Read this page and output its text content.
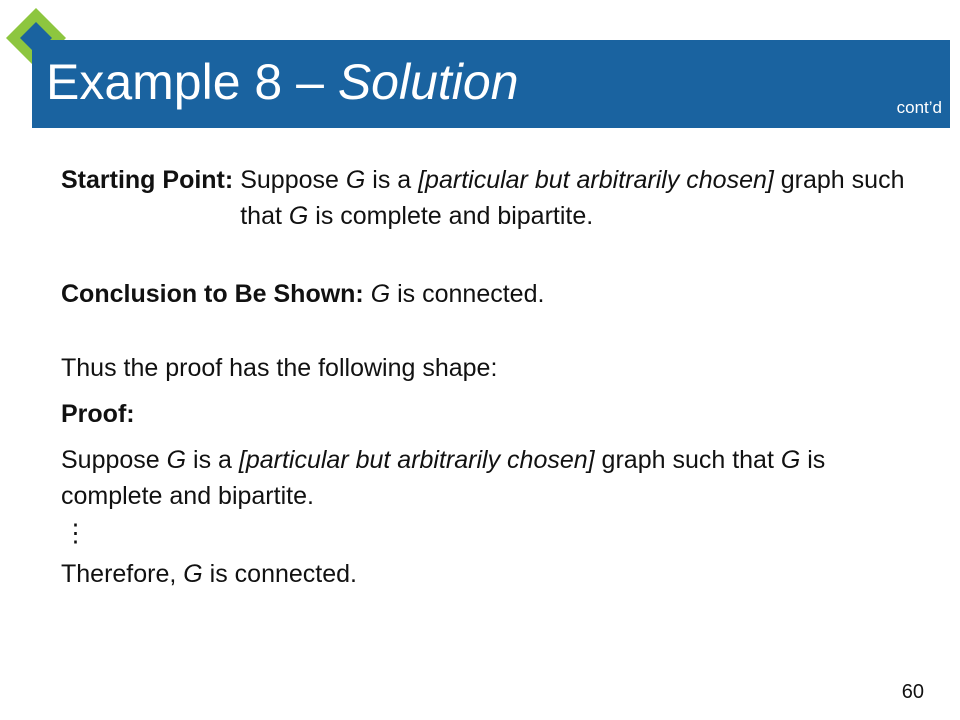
Example 8 – Solution	cont’d
Starting Point: Suppose G is a [particular but arbitrarily chosen] graph such that G is complete and bipartite.

Conclusion to Be Shown: G is connected.

Thus the proof has the following shape:

Proof:

Suppose G is a [particular but arbitrarily chosen] graph such that G is complete and bipartite.

⋮

Therefore, G is connected.

60
